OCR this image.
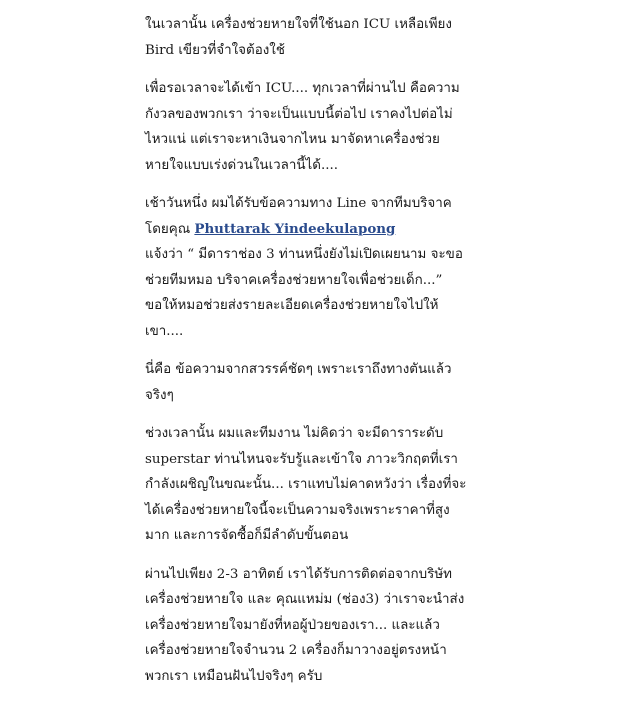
ในเวลานั้น เครื่องช่วยหายใจที่ใช้นอก ICU เหลือเพียง
Bird เขียวที่จำใจต้องใช้

เพื่อรอเวลาจะได้เข้า ICU.... ทุกเวลาที่ผ่านไป คือความ
กังวลของพวกเรา ว่าจะเป็นแบบนี้ต่อไป เราคงไปต่อไม่
ไหวแน่ แต่เราจะหาเงินจากไหน มาจัดหาเครื่องช่วย
หายใจแบบเร่งด่วนในเวลานี้ได้....

เช้าวันหนึ่ง ผมได้รับข้อความทาง Line จากทีมบริจาค
โดยคุณ Phuttarak Yindeekulapong
แจ้งว่า “ มีดาราช่อง 3 ท่านหนึ่งยังไม่เปิดเผยนาม จะขอ
ช่วยทีมหมอ บริจาคเครื่องช่วยหายใจเพื่อช่วยเด็ก...”
ขอให้หมอช่วยส่งรายละเอียดเครื่องช่วยหายใจไปให้
เขา....

นี่คือ ข้อความจากสวรรค์ชัดๆ เพราะเราถึงทางตันแล้ว
จริงๆ

ช่วงเวลานั้น ผมและทีมงาน ไม่คิดว่า จะมีดาราระดับ
superstar ท่านไหนจะรับรู้และเข้าใจ ภาวะวิกฤตที่เรา
กำลังเผชิญในขณะนั้น... เราแทบไม่คาดหวังว่า เรื่องที่จะ
ได้เครื่องช่วยหายใจนี้จะเป็นความจริงเพราะราคาที่สูง
มาก และการจัดซื้อก็มีลำดับขั้นตอน

ผ่านไปเพียง 2-3 อาทิตย์ เราได้รับการติดต่อจากบริษัท
เครื่องช่วยหายใจ และ คุณแหม่ม (ช่อง3) ว่าเราจะนำส่ง
เครื่องช่วยหายใจมายังที่หอผู้ป่วยของเรา... และแล้ว
เครื่องช่วยหายใจจำนวน 2 เครื่องก็มาวางอยู่ตรงหน้า
พวกเรา เหมือนฝันไปจริงๆ ครับ
